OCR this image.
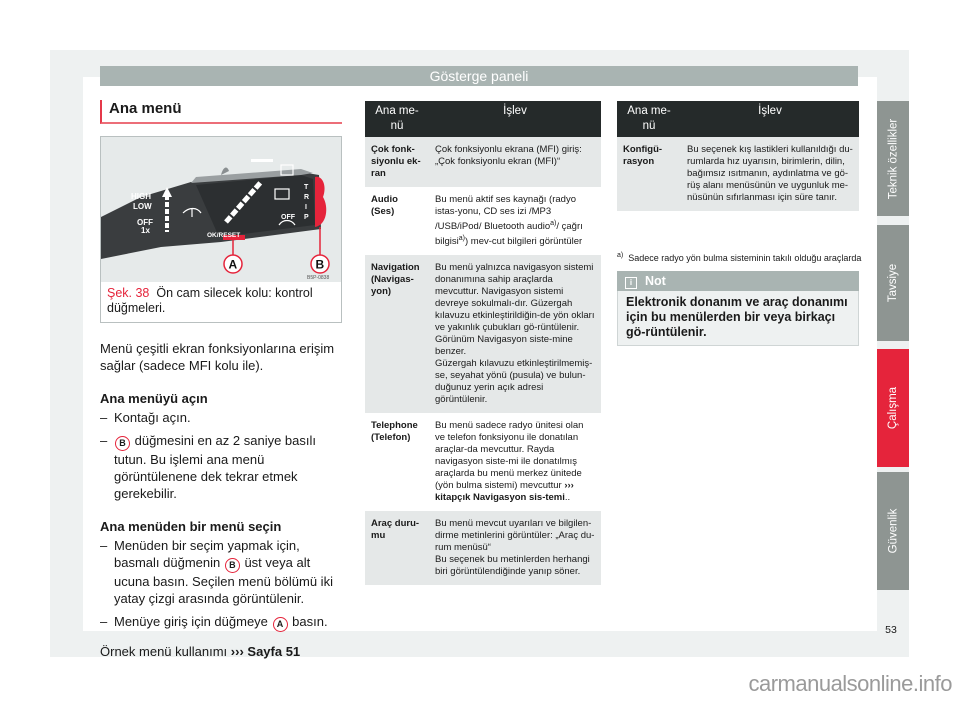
Gösterge paneli
Ana menü
HIGH
LOW
OFF
1x
OK/RESET
OFF
T
R
I
P
A	B
B5P-0838
Şek. 38 Ön cam silecek kolu: kontrol düğmeleri.

Menü çeşitli ekran fonksiyonlarına erişim sağlar (sadece MFI kolu ile).

Ana menüyü açın

– Kontağı açın.
– B düğmesini en az 2 saniye basılı tutun. Bu işlemi ana menü görüntülenene dek tekrar etmek gerekebilir.

Ana menüden bir menü seçin

– Menüden bir seçim yapmak için, basmalı düğmenin B üst veya alt ucuna basın. Seçilen menü bölümü iki yatay çizgi arasında görüntülenir.
– Menüye giriş için düğmeye A basın.

Örnek menü kullanımı ››› Sayfa 51

Ana me-nü	İşlev
Çok fonk-siyonlu ek-ran	Çok fonksiyonlu ekrana (MFI) giriş: „Çok fonksiyonlu ekran (MFI)“
Audio (Ses)	Bu menü aktif ses kaynağı (radyo istas-yonu, CD ses izi /MP3 /USB/iPod/ Bluetooth audio$^{a)}$/ çağrı bilgisi$^{a)}$) mev-cut bilgileri görüntüler
Navigation (Navigas-yon)	Bu menü yalnızca navigasyon sistemi donanımına sahip araçlarda mevcuttur. Navigasyon sistemi devreye sokulmalı-dır. Güzergah kılavuzu etkinleştirildiğin-de yön okları ve yakınlık çubukları gö-rüntülenir. Görünüm Navigasyon siste-mine benzer.
Güzergah kılavuzu etkinleştirilmemiş-se, seyahat yönü (pusula) ve bulun-duğunuz yerin açık adresi görüntülenir.

Telephone (Telefon)	Bu menü sadece radyo ünitesi olan ve telefon fonksiyonu ile donatılan araçlar-da mevcuttur. Rayda navigasyon siste-mi ile donatılmış araçlarda bu menü merkez ünitede (yön bulma sistemi) mevcuttur ››› kitapçık Navigasyon sis-temi..
Araç duru-mu	Bu menü mevcut uyarıları ve bilgilen-dirme metinlerini görüntüler: „Araç du-rum menüsü“
Bu seçenek bu metinlerden herhangi biri görüntülendiğinde yanıp söner.
Ana me-nü	İşlev
Konfigü-rasyon	Bu seçenek kış lastikleri kullanıldığı du-rumlarda hız uyarısın, birimlerin, dilin, bağımsız ısıtmanın, aydınlatma ve gö-rüş alanı menüsünün ve uygunluk me-nüsünün sıfırlanması için süre tanır.
$^{a)}$ Sadece radyo yön bulma sisteminin takılı olduğu araçlarda
i Not
Elektronik donanım ve araç donanımı için bu menülerden bir veya birkaçı gö-rüntülenir.
Teknik özellikler
Tavsiye
Çalışma
Güvenlik
53
carmanualsonline.info
